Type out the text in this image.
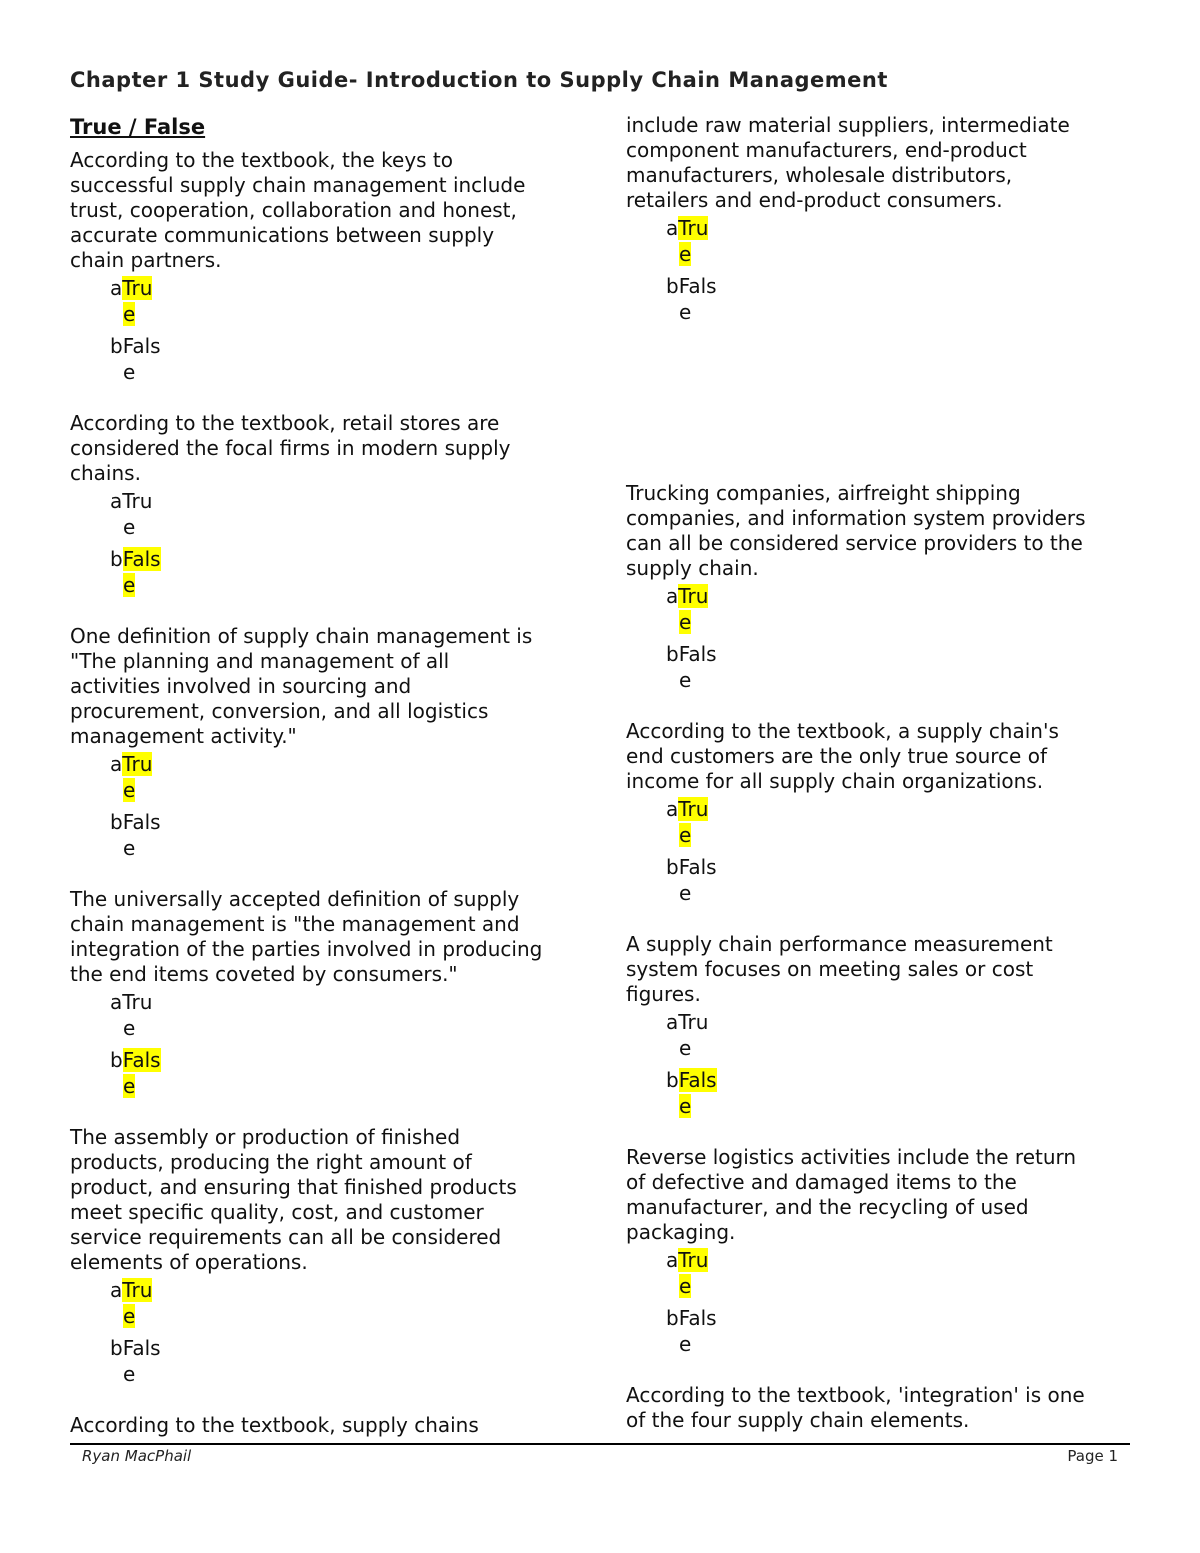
Chapter 1 Study Guide- Introduction to Supply Chain Management
True / False

According to the textbook, the keys to
successful supply chain management include
trust, cooperation, collaboration and honest,
accurate communications between supply
chain partners.

aTru
e
bFals
e

According to the textbook, retail stores are
considered the focal firms in modern supply
chains.

aTru
e
bFals
e

One definition of supply chain management is
"The planning and management of all
activities involved in sourcing and
procurement, conversion, and all logistics
management activity."

aTru
e
bFals
e

The universally accepted definition of supply
chain management is "the management and
integration of the parties involved in producing
the end items coveted by consumers."

aTru
e
bFals
e

The assembly or production of finished
products, producing the right amount of
product, and ensuring that finished products
meet specific quality, cost, and customer
service requirements can all be considered
elements of operations.

aTru
e
bFals
e

According to the textbook, supply chains

include raw material suppliers, intermediate
component manufacturers, end-product
manufacturers, wholesale distributors,
retailers and end-product consumers.

aTru
e
bFals
e

Trucking companies, airfreight shipping
companies, and information system providers
can all be considered service providers to the
supply chain.

aTru
e
bFals
e

According to the textbook, a supply chain's
end customers are the only true source of
income for all supply chain organizations.

aTru
e
bFals
e

A supply chain performance measurement
system focuses on meeting sales or cost
figures.

aTru
e
bFals
e

Reverse logistics activities include the return
of defective and damaged items to the
manufacturer, and the recycling of used
packaging.

aTru
e
bFals
e

According to the textbook, 'integration' is one
of the four supply chain elements.

Ryan MacPhail	Page 1
